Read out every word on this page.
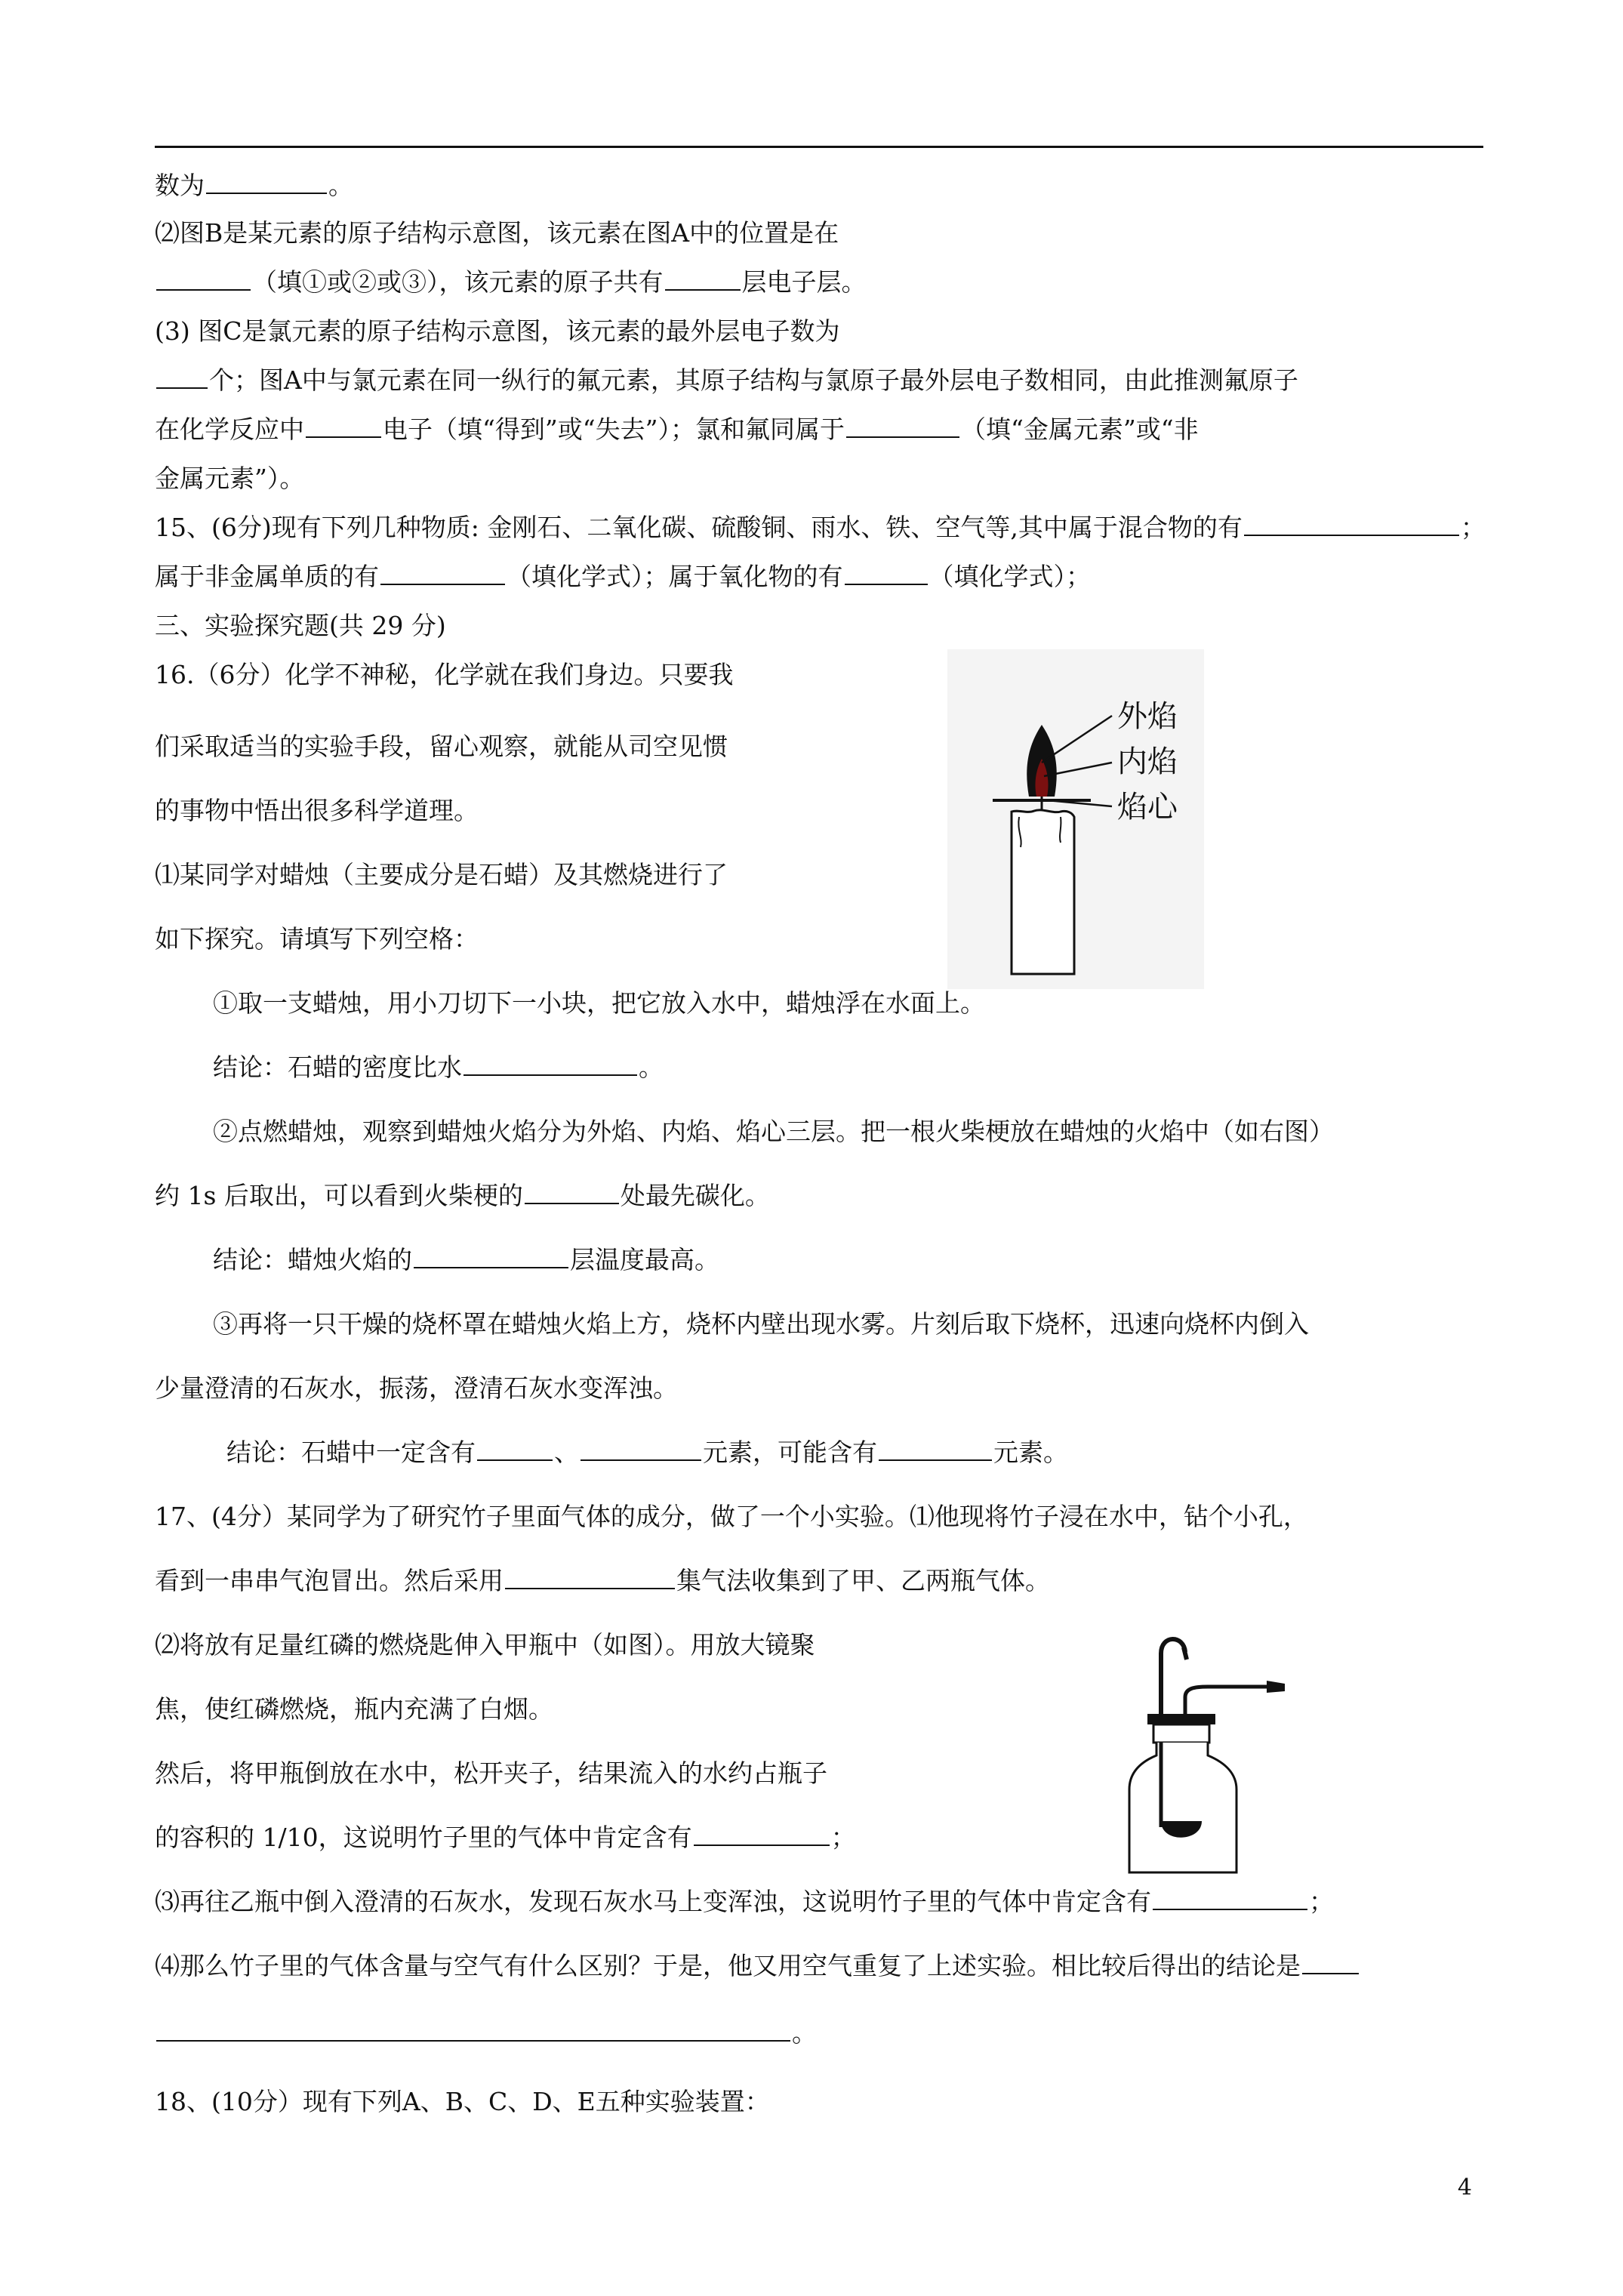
数为	。
⑵图B是某元素的原子结构示意图，该元素在图A中的位置是在
（填①或②或③），该元素的原子共有	层电子层。
(3) 图C是氯元素的原子结构示意图，该元素的最外层电子数为
个；图A中与氯元素在同一纵行的氟元素，其原子结构与氯原子最外层电子数相同，由此推测氟原子
在化学反应中	电子（填“得到”或“失去”）；氯和氟同属于	（填“金属元素”或“非
金属元素”）。
15、(6分)现有下列几种物质: 金刚石、二氧化碳、硫酸铜、雨水、铁、空气等,其中属于混合物的有	；
属于非金属单质的有	（填化学式）；属于氧化物的有	（填化学式）；
三、实验探究题(共 29 分)
16.（6分）化学不神秘，化学就在我们身边。只要我
们采取适当的实验手段，留心观察，就能从司空见惯
的事物中悟出很多科学道理。
⑴某同学对蜡烛（主要成分是石蜡）及其燃烧进行了
如下探究。请填写下列空格：
外焰
内焰
焰心
①取一支蜡烛，用小刀切下一小块，把它放入水中，蜡烛浮在水面上。
结论：石蜡的密度比水	。
②点燃蜡烛，观察到蜡烛火焰分为外焰、内焰、焰心三层。把一根火柴梗放在蜡烛的火焰中（如右图）
约 1s 后取出，可以看到火柴梗的	处最先碳化。
结论：蜡烛火焰的	层温度最高。
③再将一只干燥的烧杯罩在蜡烛火焰上方，烧杯内壁出现水雾。片刻后取下烧杯，迅速向烧杯内倒入
少量澄清的石灰水，振荡，澄清石灰水变浑浊。
结论：石蜡中一定含有	、	元素，可能含有	元素。
17、(4分）某同学为了研究竹子里面气体的成分，做了一个小实验。⑴他现将竹子浸在水中，钻个小孔，
看到一串串气泡冒出。然后采用	集气法收集到了甲、乙两瓶气体。
⑵将放有足量红磷的燃烧匙伸入甲瓶中（如图）。用放大镜聚
焦，使红磷燃烧，瓶内充满了白烟。
然后，将甲瓶倒放在水中，松开夹子，结果流入的水约占瓶子
的容积的 1/10，这说明竹子里的气体中肯定含有	；
⑶再往乙瓶中倒入澄清的石灰水，发现石灰水马上变浑浊，这说明竹子里的气体中肯定含有	；
⑷那么竹子里的气体含量与空气有什么区别？于是，他又用空气重复了上述实验。相比较后得出的结论是
。
18、(10分）现有下列A、B、C、D、E五种实验装置：
4
